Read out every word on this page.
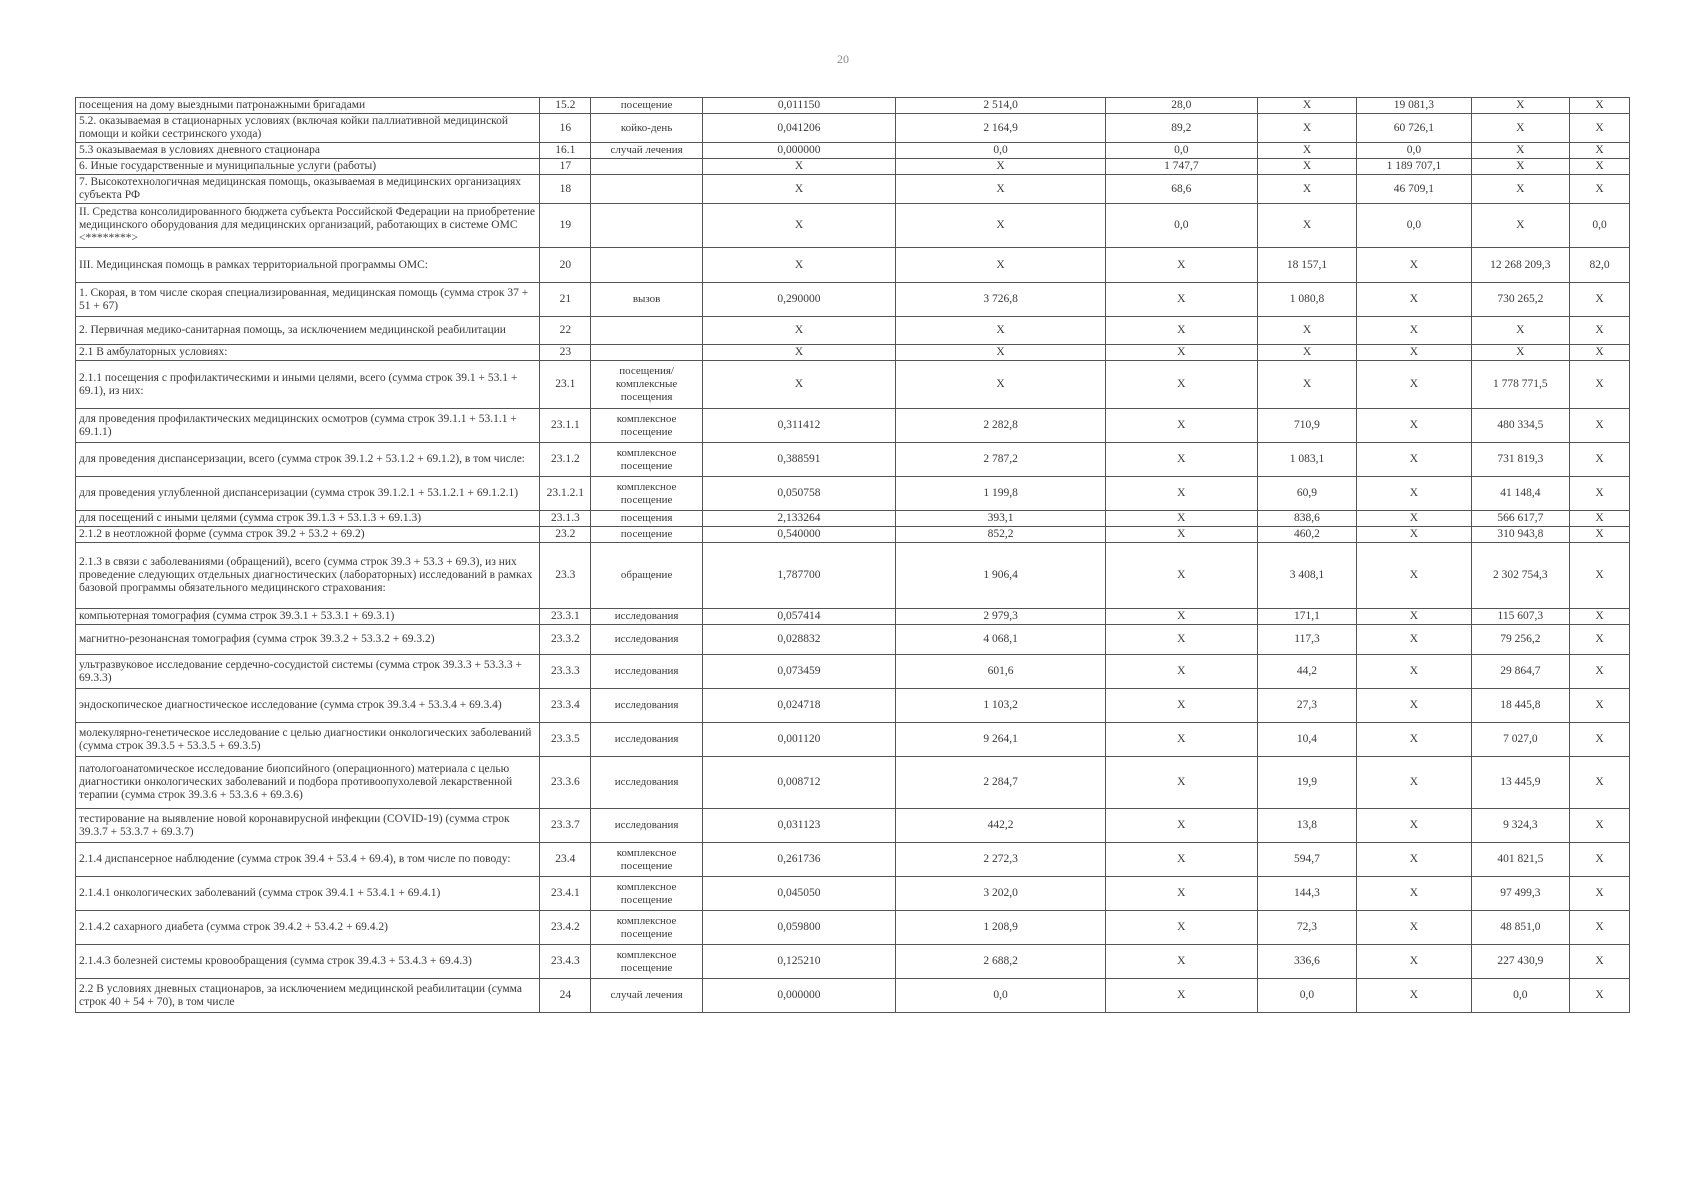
20
посещения на дому выездными патронажными бригадами	15.2	посещение	0,011150	2 514,0	28,0	Х	19 081,3	Х	Х
5.2. оказываемая в стационарных условиях (включая койки паллиативной медицинской помощи и койки сестринского ухода)	16	койко-день	0,041206	2 164,9	89,2	Х	60 726,1	Х	Х
5.3 оказываемая в условиях дневного стационара	16.1	случай лечения	0,000000	0,0	0,0	Х	0,0	Х	Х
6. Иные государственные и муниципальные услуги (работы)	17		Х	Х	1 747,7	Х	1 189 707,1	Х	Х
7. Высокотехнологичная медицинская помощь, оказываемая в медицинских организациях субъекта РФ	18		Х	Х	68,6	Х	46 709,1	Х	Х
II. Средства консолидированного бюджета субъекта Российской Федерации на приобретение медицинского оборудования для медицинских организаций, работающих в системе ОМС <********>	19		Х	Х	0,0	Х	0,0	Х	0,0
III. Медицинская помощь в рамках территориальной программы ОМС:	20		Х	Х	Х	18 157,1	Х	12 268 209,3	82,0
1. Скорая, в том числе скорая специализированная, медицинская помощь (сумма строк 37 + 51 + 67)	21	вызов	0,290000	3 726,8	Х	1 080,8	Х	730 265,2	Х
2. Первичная медико-санитарная помощь, за исключением медицинской реабилитации	22		Х	Х	Х	Х	Х	Х	Х
2.1 В амбулаторных условиях:	23		Х	Х	Х	Х	Х	Х	Х
2.1.1 посещения с профилактическими и иными целями, всего (сумма строк 39.1 + 53.1 + 69.1), из них:	23.1	посещения/комплексные посещения	Х	Х	Х	Х	Х	1 778 771,5	Х
для проведения профилактических медицинских осмотров (сумма строк 39.1.1 + 53.1.1 + 69.1.1)	23.1.1	комплексное посещение	0,311412	2 282,8	Х	710,9	Х	480 334,5	Х
для проведения диспансеризации, всего (сумма строк 39.1.2 + 53.1.2 + 69.1.2), в том числе:	23.1.2	комплексное посещение	0,388591	2 787,2	Х	1 083,1	Х	731 819,3	Х
для проведения углубленной диспансеризации (сумма строк 39.1.2.1 + 53.1.2.1 + 69.1.2.1)	23.1.2.1	комплексное посещение	0,050758	1 199,8	Х	60,9	Х	41 148,4	Х
для посещений с иными целями (сумма строк 39.1.3 + 53.1.3 + 69.1.3)	23.1.3	посещения	2,133264	393,1	Х	838,6	Х	566 617,7	Х
2.1.2 в неотложной форме (сумма строк 39.2 + 53.2 + 69.2)	23.2	посещение	0,540000	852,2	Х	460,2	Х	310 943,8	Х
2.1.3 в связи с заболеваниями (обращений), всего (сумма строк 39.3 + 53.3 + 69.3), из них проведение следующих отдельных диагностических (лабораторных) исследований в рамках базовой программы обязательного медицинского страхования:	23.3	обращение	1,787700	1 906,4	Х	3 408,1	Х	2 302 754,3	Х
компьютерная томография (сумма строк 39.3.1 + 53.3.1 + 69.3.1)	23.3.1	исследования	0,057414	2 979,3	Х	171,1	Х	115 607,3	Х
магнитно-резонансная томография (сумма строк 39.3.2 + 53.3.2 + 69.3.2)	23.3.2	исследования	0,028832	4 068,1	Х	117,3	Х	79 256,2	Х
ультразвуковое исследование сердечно-сосудистой системы (сумма строк 39.3.3 + 53.3.3 + 69.3.3)	23.3.3	исследования	0,073459	601,6	Х	44,2	Х	29 864,7	Х
эндоскопическое диагностическое исследование (сумма строк 39.3.4 + 53.3.4 + 69.3.4)	23.3.4	исследования	0,024718	1 103,2	Х	27,3	Х	18 445,8	Х
молекулярно-генетическое исследование с целью диагностики онкологических заболеваний (сумма строк 39.3.5 + 53.3.5 + 69.3.5)	23.3.5	исследования	0,001120	9 264,1	Х	10,4	Х	7 027,0	Х
патологоанатомическое исследование биопсийного (операционного) материала с целью диагностики онкологических заболеваний и подбора противоопухолевой лекарственной терапии (сумма строк 39.3.6 + 53.3.6 + 69.3.6)	23.3.6	исследования	0,008712	2 284,7	Х	19,9	Х	13 445,9	Х
тестирование на выявление новой коронавирусной инфекции (COVID-19) (сумма строк 39.3.7 + 53.3.7 + 69.3.7)	23.3.7	исследования	0,031123	442,2	Х	13,8	Х	9 324,3	Х
2.1.4 диспансерное наблюдение (сумма строк 39.4 + 53.4 + 69.4), в том числе по поводу:	23.4	комплексное посещение	0,261736	2 272,3	Х	594,7	Х	401 821,5	Х
2.1.4.1 онкологических заболеваний (сумма строк 39.4.1 + 53.4.1 + 69.4.1)	23.4.1	комплексное посещение	0,045050	3 202,0	Х	144,3	Х	97 499,3	Х
2.1.4.2 сахарного диабета (сумма строк 39.4.2 + 53.4.2 + 69.4.2)	23.4.2	комплексное посещение	0,059800	1 208,9	Х	72,3	Х	48 851,0	Х
2.1.4.3 болезней системы кровообращения (сумма строк 39.4.3 + 53.4.3 + 69.4.3)	23.4.3	комплексное посещение	0,125210	2 688,2	Х	336,6	Х	227 430,9	Х
2.2 В условиях дневных стационаров, за исключением медицинской реабилитации (сумма строк 40 + 54 + 70), в том числе	24	случай лечения	0,000000	0,0	Х	0,0	Х	0,0	Х
